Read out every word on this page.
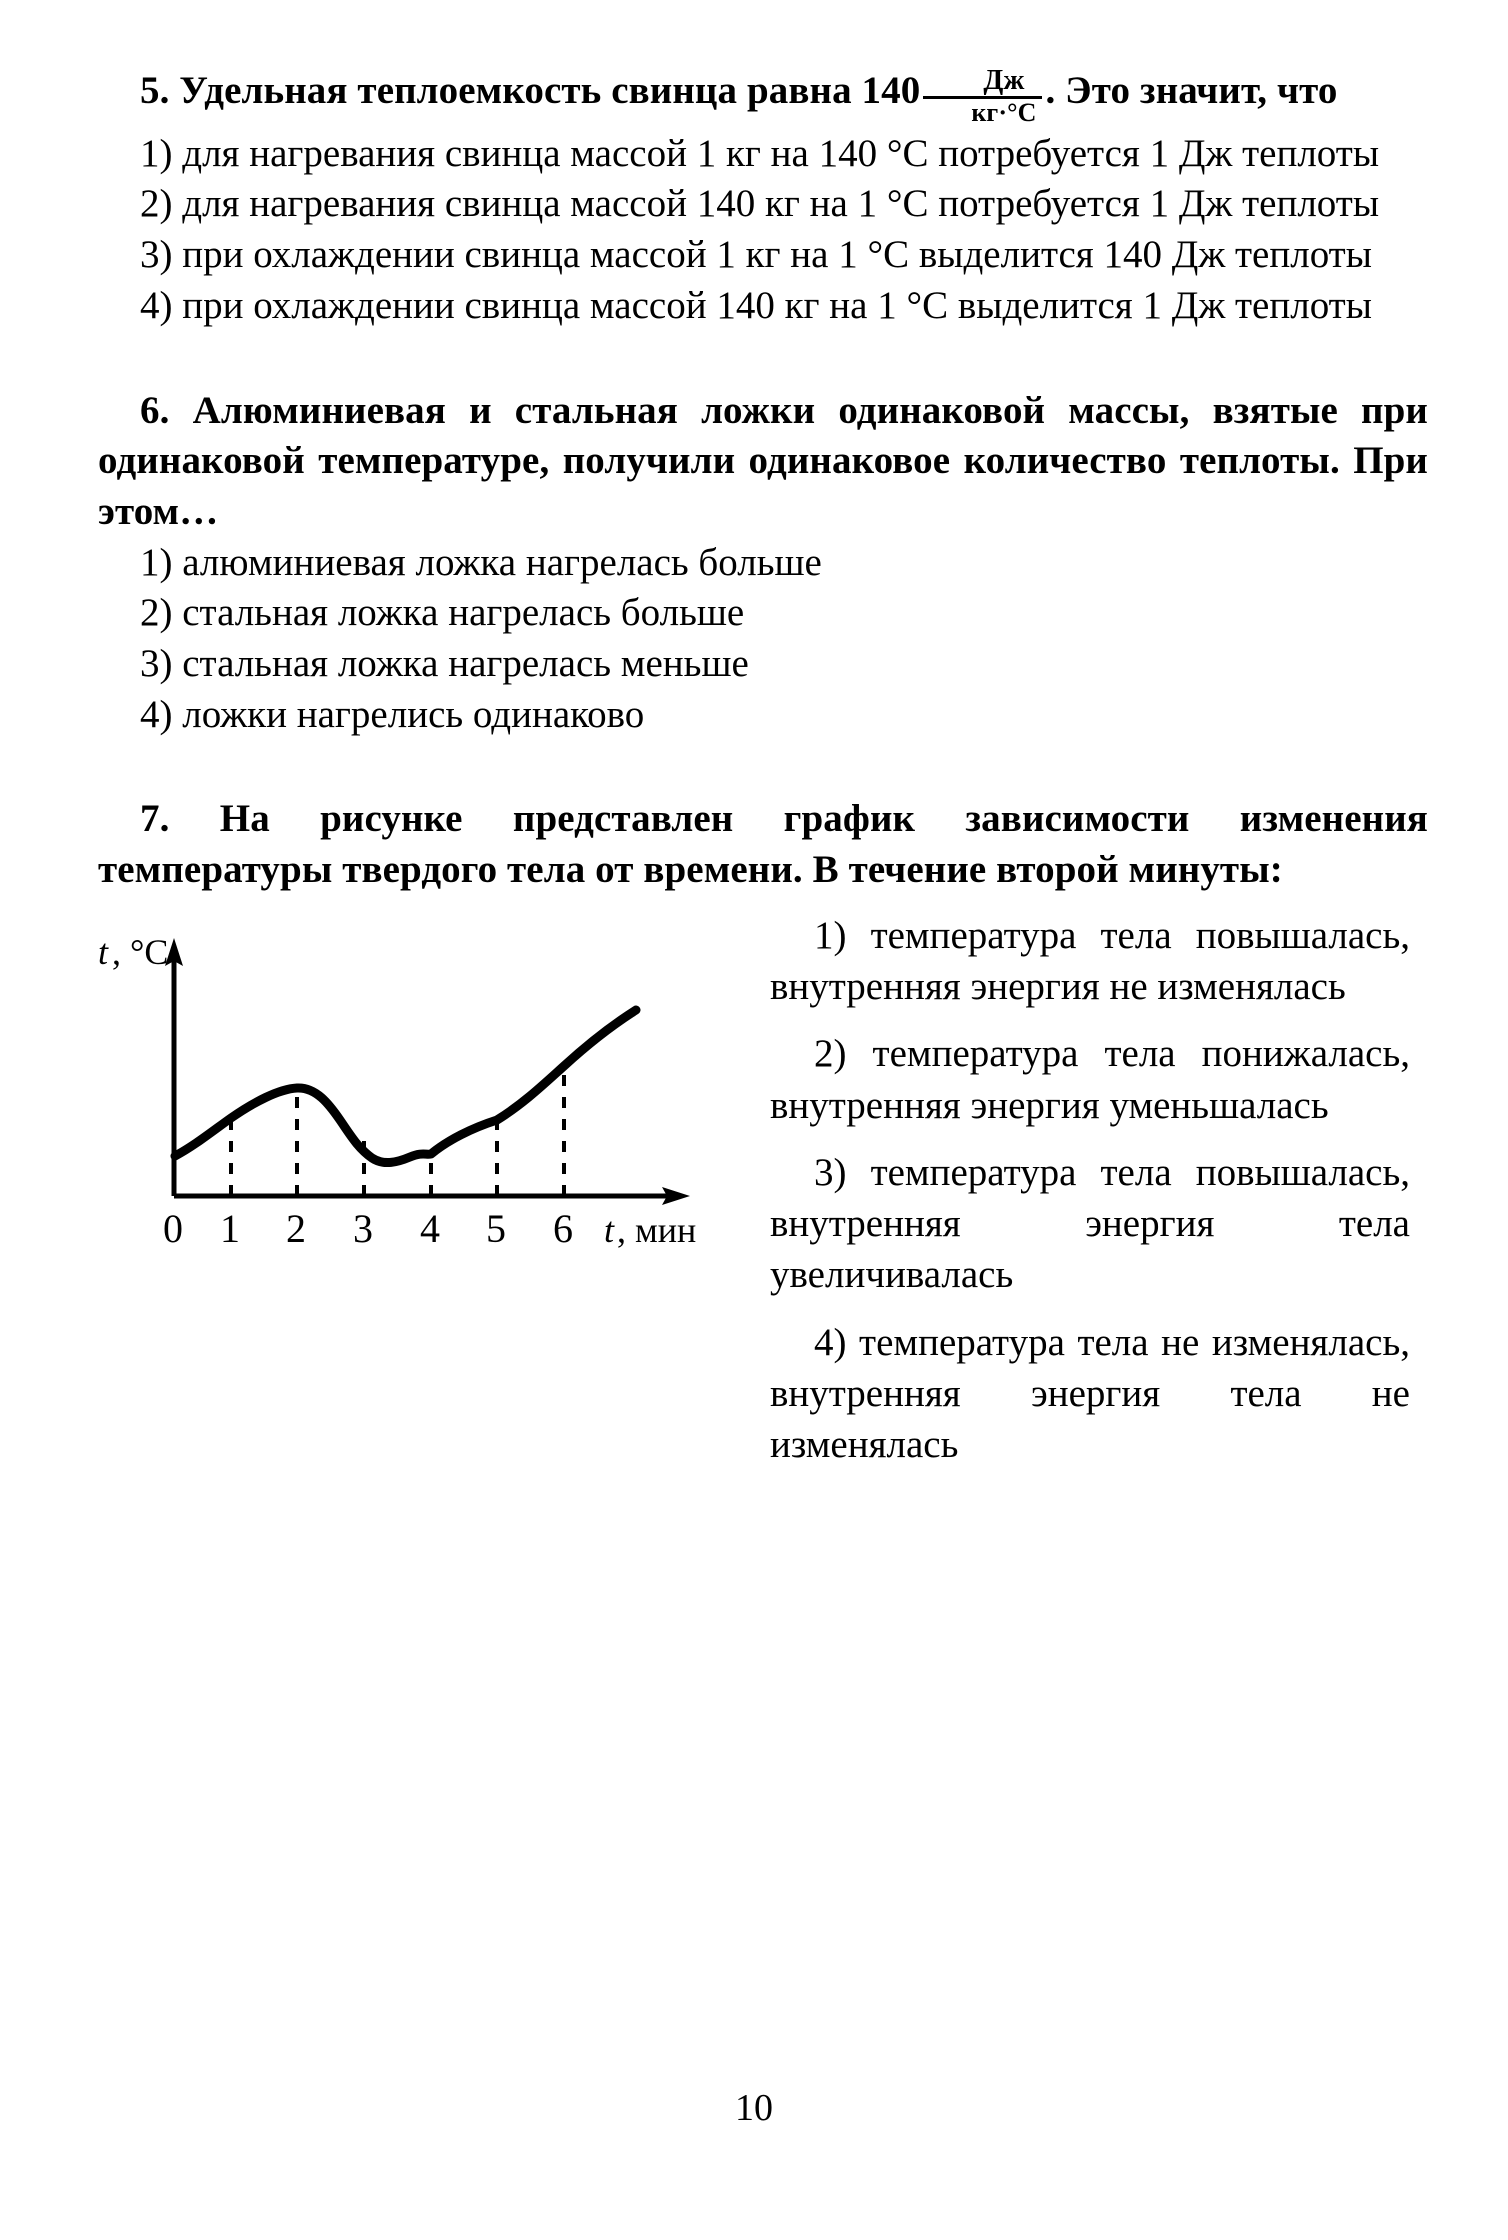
5. Удельная теплоемкость свинца равна $140 \frac{Дж}{кг\cdot^\circ С}$ . Это значит, что

1) для нагревания свинца массой 1 кг на 140 °С потребуется 1 Дж теплоты

2) для нагревания свинца массой 140 кг на 1 °С потребуется 1 Дж теплоты

3) при охлаждении свинца массой 1 кг на 1 °С выделится 140 Дж теплоты

4) при охлаждении свинца массой 140 кг на 1 °С выделится 1 Дж теплоты

6. Алюминиевая и стальная ложки одинаковой массы, взятые при одинаковой температуре, получили одинаковое количество теплоты. При этом…

1) алюминиевая ложка нагрелась больше

2) стальная ложка нагрелась больше

3) стальная ложка нагрелась меньше

4) ложки нагрелись одинаково

7. На рисунке представлен график зависимости изменения температуры твердого тела от времени. В течение второй минуты:

t , °С
0 1 2 3 4 5 6 t , мин

1) температура тела повышалась, внутренняя энергия не изменялась

2) температура тела понижалась, внутренняя энергия уменьшалась

3) температура тела повышалась, внутренняя энергия тела увеличивалась

4) температура тела не изменялась, внутренняя энергия тела не изменялась

10
